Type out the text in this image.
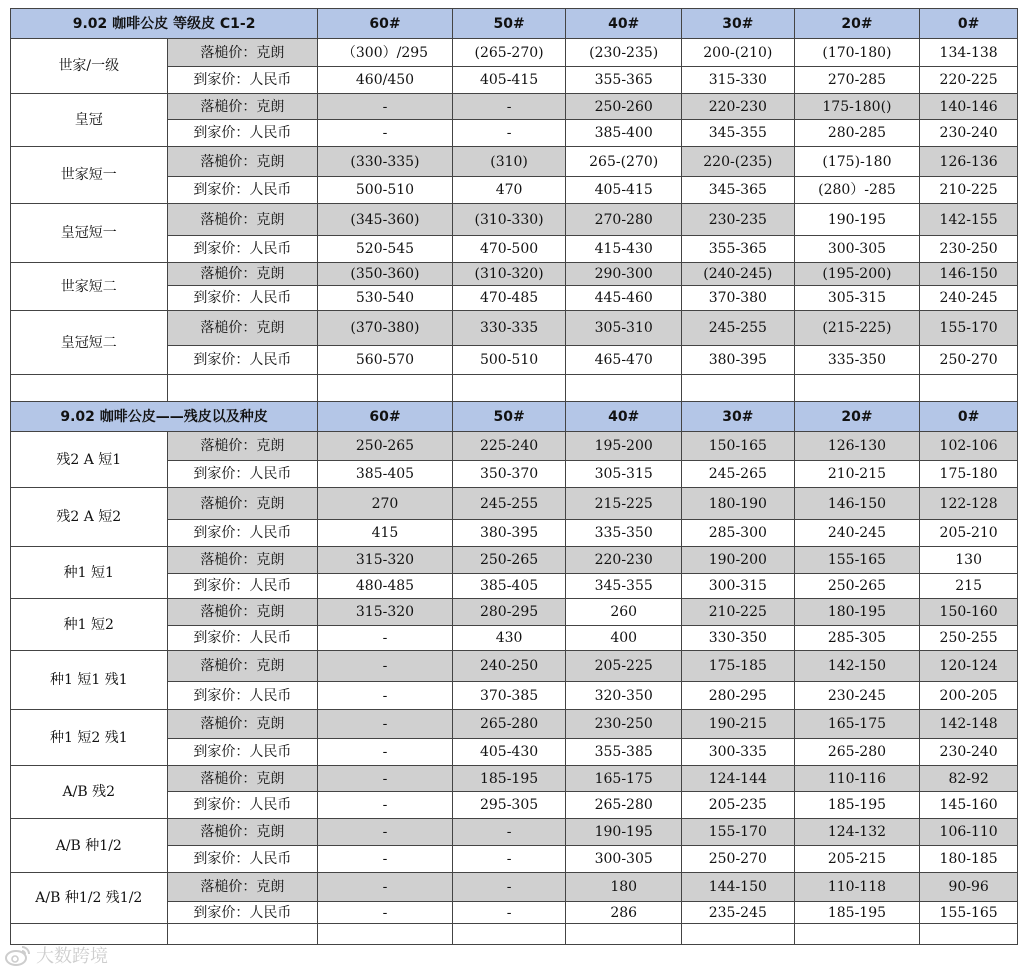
9.02 咖啡公皮 等级皮 C1-2		60#	50#	40#	30#	20#	0#
世家/一级	落槌价：克朗	（300）/295	(265-270)	(230-235)	200-(210)	(170-180)	134-138
	到家价：人民币	460/450	405-415	355-365	315-330	270-285	220-225
皇冠	落槌价：克朗	-	-	250-260	220-230	175-180()	140-146
	到家价：人民币	-	-	385-400	345-355	280-285	230-240
世家短一	落槌价：克朗	(330-335)	(310)	265-(270)	220-(235)	(175)-180	126-136
	到家价：人民币	500-510	470	405-415	345-365	(280）-285	210-225
皇冠短一	落槌价：克朗	(345-360)	(310-330)	270-280	230-235	190-195	142-155
	到家价：人民币	520-545	470-500	415-430	355-365	300-305	230-250
世家短二	落槌价：克朗	(350-360)	(310-320)	290-300	(240-245)	(195-200)	146-150
	到家价：人民币	530-540	470-485	445-460	370-380	305-315	240-245
皇冠短二	落槌价：克朗	(370-380)	330-335	305-310	245-255	(215-225)	155-170
	到家价：人民币	560-570	500-510	465-470	380-395	335-350	250-270

9.02 咖啡公皮——残皮以及种皮		60#	50#	40#	30#	20#	0#
残2 A 短1	落槌价：克朗	250-265	225-240	195-200	150-165	126-130	102-106
	到家价：人民币	385-405	350-370	305-315	245-265	210-215	175-180
残2 A 短2	落槌价：克朗	270	245-255	215-225	180-190	146-150	122-128
	到家价：人民币	415	380-395	335-350	285-300	240-245	205-210
种1 短1	落槌价：克朗	315-320	250-265	220-230	190-200	155-165	130
	到家价：人民币	480-485	385-405	345-355	300-315	250-265	215
种1 短2	落槌价：克朗	315-320	280-295	260	210-225	180-195	150-160
	到家价：人民币	-	430	400	330-350	285-305	250-255
种1 短1 残1	落槌价：克朗	-	240-250	205-225	175-185	142-150	120-124
	到家价：人民币	-	370-385	320-350	280-295	230-245	200-205
种1 短2 残1	落槌价：克朗	-	265-280	230-250	190-215	165-175	142-148
	到家价：人民币	-	405-430	355-385	300-335	265-280	230-240
A/B 残2	落槌价：克朗	-	185-195	165-175	124-144	110-116	82-92
	到家价：人民币	-	295-305	265-280	205-235	185-195	145-160
A/B 种1/2	落槌价：克朗	-	-	190-195	155-170	124-132	106-110
	到家价：人民币	-	-	300-305	250-270	205-215	180-185
A/B 种1/2 残1/2	落槌价：克朗	-	-	180	144-150	110-118	90-96
	到家价：人民币	-	-	286	235-245	185-195	155-165

大数跨境
